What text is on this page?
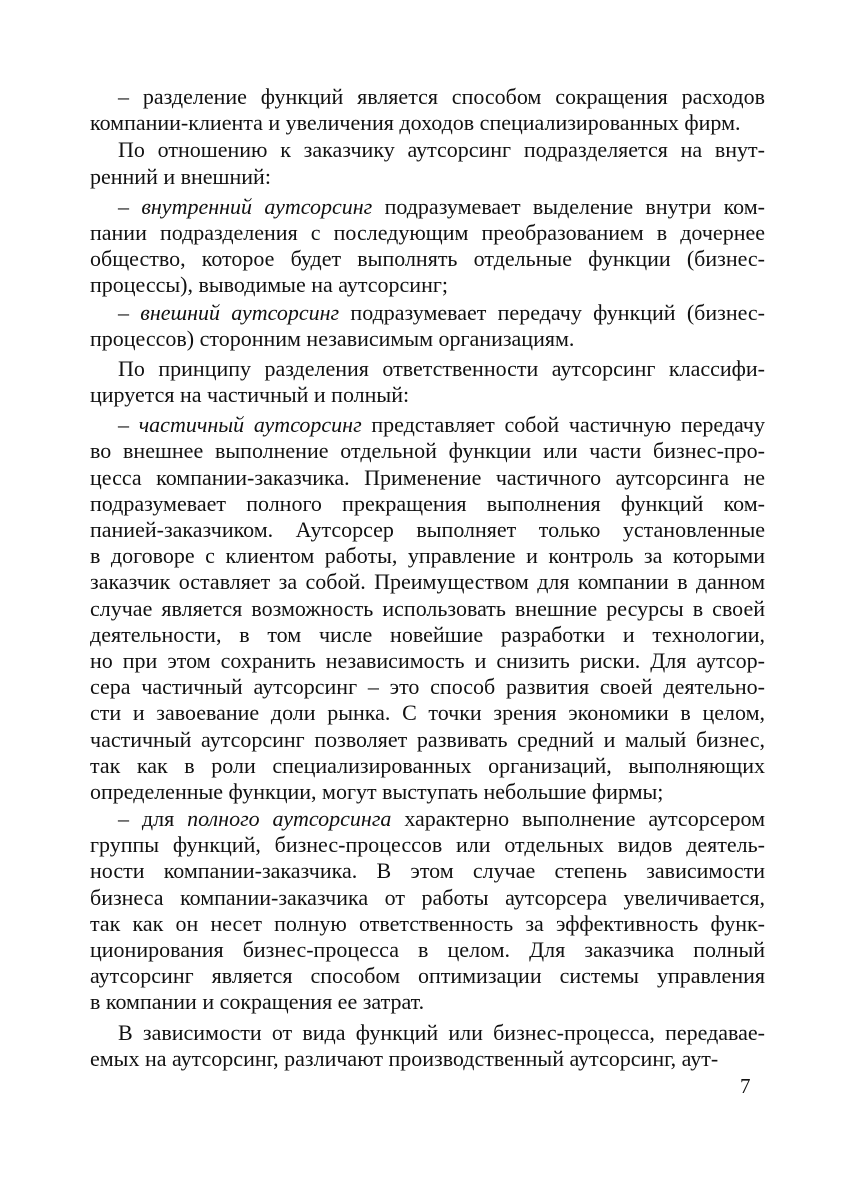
– разделение функций является способом сокращения расходов
компании-клиента и увеличения доходов специализированных фирм.
По отношению к заказчику аутсорсинг подразделяется на внут-
ренний и внешний:
– внутренний аутсорсинг подразумевает выделение внутри ком-
пании подразделения с последующим преобразованием в дочернее
общество, которое будет выполнять отдельные функции (бизнес-
процессы), выводимые на аутсорсинг;
– внешний аутсорсинг подразумевает передачу функций (бизнес-
процессов) сторонним независимым организациям.
По принципу разделения ответственности аутсорсинг классифи-
цируется на частичный и полный:
– частичный аутсорсинг представляет собой частичную передачу
во внешнее выполнение отдельной функции или части бизнес-про-
цесса компании-заказчика. Применение частичного аутсорсинга не
подразумевает полного прекращения выполнения функций ком-
панией-заказчиком. Аутсорсер выполняет только установленные
в договоре с клиентом работы, управление и контроль за которыми
заказчик оставляет за собой. Преимуществом для компании в данном
случае является возможность использовать внешние ресурсы в своей
деятельности, в том числе новейшие разработки и технологии,
но при этом сохранить независимость и снизить риски. Для аутсор-
сера частичный аутсорсинг – это способ развития своей деятельно-
сти и завоевание доли рынка. С точки зрения экономики в целом,
частичный аутсорсинг позволяет развивать средний и малый бизнес,
так как в роли специализированных организаций, выполняющих
определенные функции, могут выступать небольшие фирмы;
– для полного аутсорсинга характерно выполнение аутсорсером
группы функций, бизнес-процессов или отдельных видов деятель-
ности компании-заказчика. В этом случае степень зависимости
бизнеса компании-заказчика от работы аутсорсера увеличивается,
так как он несет полную ответственность за эффективность функ-
ционирования бизнес-процесса в целом. Для заказчика полный
аутсорсинг является способом оптимизации системы управления
в компании и сокращения ее затрат.
В зависимости от вида функций или бизнес-процесса, передавае-
емых на аутсорсинг, различают производственный аутсорсинг, аут-
7
